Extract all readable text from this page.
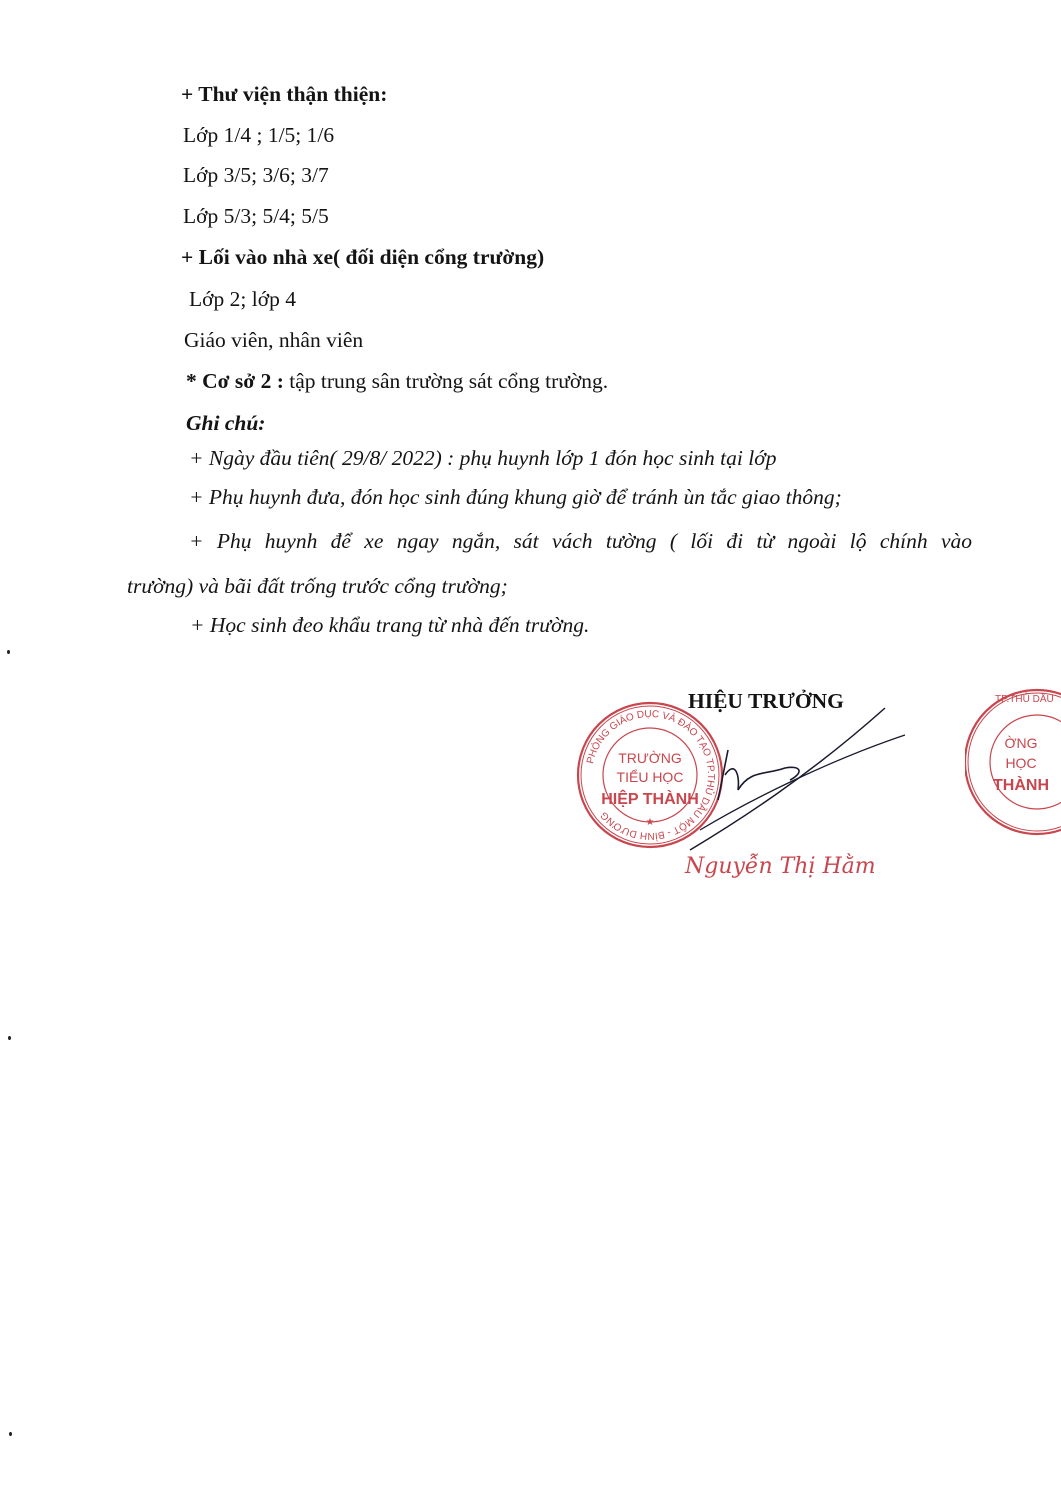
+ Thư viện thận thiện:
Lớp 1/4 ; 1/5; 1/6
Lớp 3/5; 3/6; 3/7
Lớp 5/3; 5/4; 5/5
+ Lối vào nhà xe( đối diện cổng trường)
Lớp 2; lớp 4
Giáo viên, nhân viên
* Cơ sở 2 : tập trung sân trường sát cổng trường.
Ghi chú:
+ Ngày đầu tiên( 29/8/ 2022) : phụ huynh lớp 1 đón học sinh tại lớp
+ Phụ huynh đưa, đón học sinh đúng khung giờ để tránh ùn tắc giao thông;
+ Phụ huynh để xe ngay ngắn, sát vách tường ( lối đi từ ngoài lộ chính vào
trường) và bãi đất trống trước cổng trường;
+ Học sinh đeo khẩu trang từ nhà đến trường.
HIỆU TRƯỞNG
PHÒNG GIÁO DỤC VÀ ĐÀO TẠO TP.THỦ DẦU MỘT - BÌNH DƯƠNG
TRƯỜNG
TIỂU HỌC
HIỆP THÀNH
★
ỜNG
HỌC
THÀNH
TP.THỦ DẦU
Nguyễn Thị Hằm
